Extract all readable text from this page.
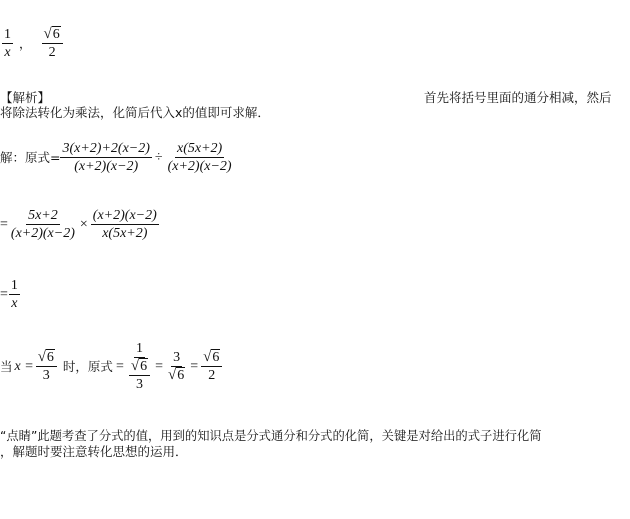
$\frac{1}{x}$ ， $\frac{√ 6}{2}$
【解析】	首先将括号里面的通分相减，然后
将除法转化为乘法，化简后代入x的值即可求解．
解：原式= $\frac{3(x+2)+2(x-2)}{(x+2)(x-2)} \div \frac{x(5x+2)}{(x+2)(x-2)}$
= $\frac{5x+2}{(x+2)(x-2)} \times \frac{(x+2)(x-2)}{x(5x+2)}$
= $\frac{1}{x}$
当 $x = \frac{√ 6}{3}$ 时，原式 = $\frac{1}{\frac{√ 6}{3}} = \frac{3}{√ 6} = \frac{√ 6}{2}$
“点睛”此题考查了分式的值，用到的知识点是分式通分和分式的化简，关键是对给出的式子进行化简
，解题时要注意转化思想的运用．
